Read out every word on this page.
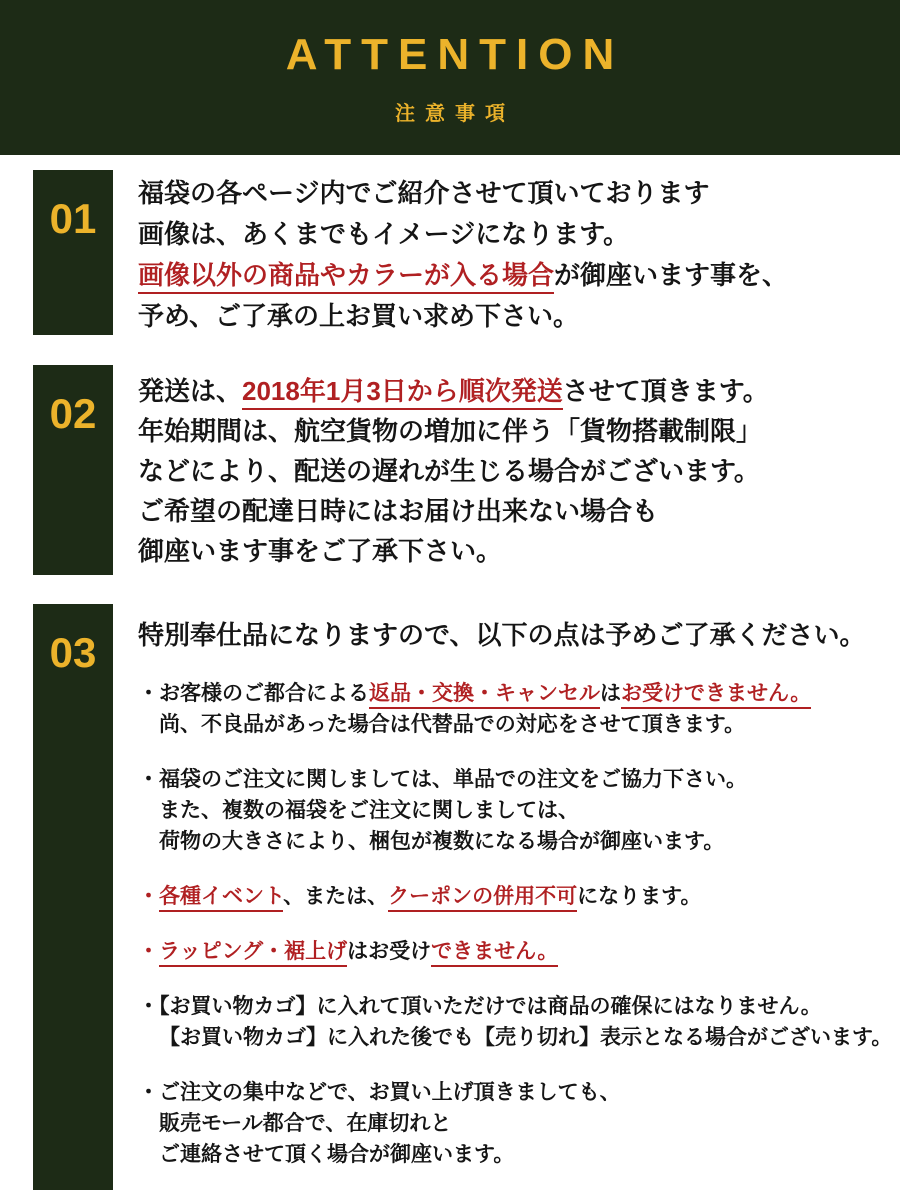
ATTENTION
注意事項
01

福袋の各ページ内でご紹介させて頂いております

画像は、あくまでもイメージになります。

画像以外の商品やカラーが入る場合が御座います事を、

予め、ご了承の上お買い求め下さい。

02	発送は、2018年1月3日から順次発送させて頂きます。

年始期間は、航空貨物の増加に伴う「貨物搭載制限」

などにより、配送の遅れが生じる場合がございます。

ご希望の配達日時にはお届け出来ない場合も

御座います事をご了承下さい。

03	特別奉仕品になりますので、以下の点は予めご了承ください。

・お客様のご都合による返品・交換・キャンセルはお受けできません。

尚、不良品があった場合は代替品での対応をさせて頂きます。

・福袋のご注文に関しましては、単品での注文をご協力下さい。

また、複数の福袋をご注文に関しましては、

荷物の大きさにより、梱包が複数になる場合が御座います。

・各種イベント、または、クーポンの併用不可になります。

・ラッピング・裾上げはお受けできません。

・【お買い物カゴ】に入れて頂いただけでは商品の確保にはなりません。

【お買い物カゴ】に入れた後でも【売り切れ】表示となる場合がございます。

・ご注文の集中などで、お買い上げ頂きましても、

販売モール都合で、在庫切れと

ご連絡させて頂く場合が御座います。
